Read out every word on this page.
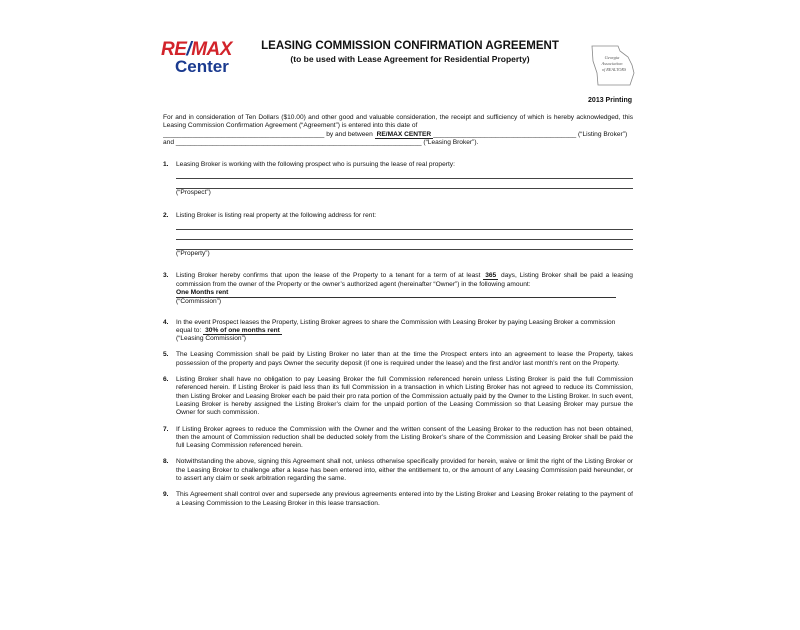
RE/MAX
Center
LEASING COMMISSION CONFIRMATION AGREEMENT
(to be used with Lease Agreement for Residential Property)	Georgia
Association
of REALTORS
2013 Printing
For and in consideration of Ten Dollars ($10.00) and other good and valuable consideration, the receipt and sufficiency of which is hereby acknowledged, this Leasing Commission Confirmation Agreement (“Agreement”) is entered into this date of
____________________________________________ by and between RE/MAX CENTER _______________________________________ (“Listing Broker”)
and ___________________________________________________________________ (“Leasing Broker”).
1. Leasing Broker is working with the following prospect who is pursuing the lease of real property:
(“Prospect”)
2. Listing Broker is listing real property at the following address for rent:
(“Property”)
3. Listing Broker hereby confirms that upon the lease of the Property to a tenant for a term of at least 365 days, Listing Broker shall be paid a leasing commission from the owner of the Property or the owner’s authorized agent (hereinafter “Owner”) in the following amount:
One Months rent
(“Commission”)
4. In the event Prospect leases the Property, Listing Broker agrees to share the Commission with Leasing Broker by paying Leasing Broker a commission equal to: 30% of one months rent
(“Leasing Commission”)
5. The Leasing Commission shall be paid by Listing Broker no later than at the time the Prospect enters into an agreement to lease the Property, takes possession of the property and pays Owner the security deposit (if one is required under the lease) and the first and/or last month’s rent on the Property.
6. Listing Broker shall have no obligation to pay Leasing Broker the full Commission referenced herein unless Listing Broker is paid the full Commission referenced herein. If Listing Broker is paid less than its full Commission in a transaction in which Listing Broker has not agreed to reduce its Commission, then Listing Broker and Leasing Broker each be paid their pro rata portion of the Commission actually paid by the Owner to the Listing Broker. In such event, Leasing Broker is hereby assigned the Listing Broker’s claim for the unpaid portion of the Leasing Commission so that Leasing Broker may pursue the Owner for such commission.
7. If Listing Broker agrees to reduce the Commission with the Owner and the written consent of the Leasing Broker to the reduction has not been obtained, then the amount of Commission reduction shall be deducted solely from the Listing Broker’s share of the Commission and Leasing Broker shall be paid the full Leasing Commission referenced herein.
8. Notwithstanding the above, signing this Agreement shall not, unless otherwise specifically provided for herein, waive or limit the right of the Listing Broker or the Leasing Broker to challenge after a lease has been entered into, either the entitlement to, or the amount of any Leasing Commission paid hereunder, or to assert any claim or seek arbitration regarding the same.
9. This Agreement shall control over and supersede any previous agreements entered into by the Listing Broker and Leasing Broker relating to the payment of a Leasing Commission to the Leasing Broker in this lease transaction.
